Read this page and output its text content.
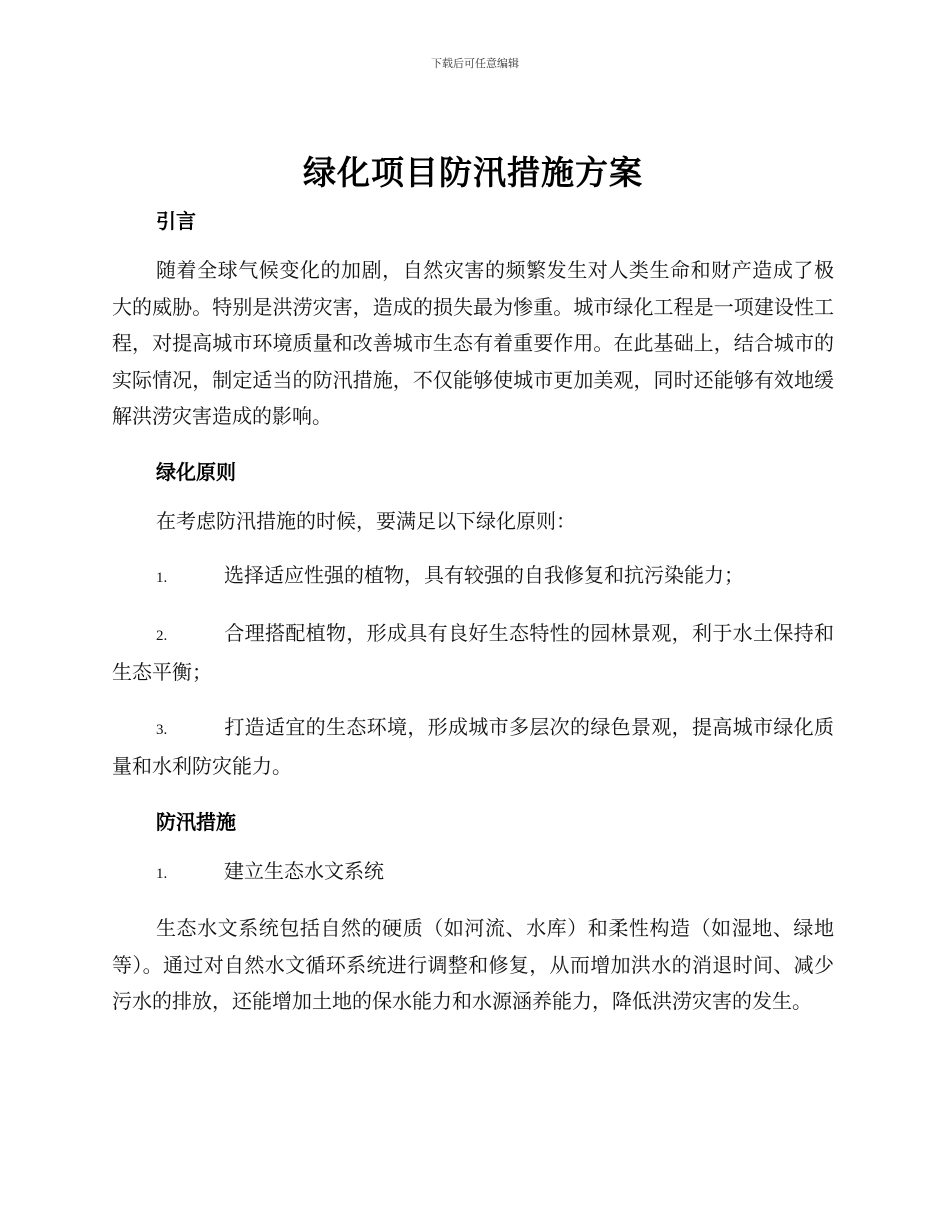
下载后可任意编辑
绿化项目防汛措施方案
引言

随着全球气候变化的加剧，自然灾害的频繁发生对人类生命和财产造成了极大的威胁。特别是洪涝灾害，造成的损失最为惨重。城市绿化工程是一项建设性工程，对提高城市环境质量和改善城市生态有着重要作用。在此基础上，结合城市的实际情况，制定适当的防汛措施，不仅能够使城市更加美观，同时还能够有效地缓解洪涝灾害造成的影响。

绿化原则

在考虑防汛措施的时候，要满足以下绿化原则：

1.	选择适应性强的植物，具有较强的自我修复和抗污染能力；

2.	合理搭配植物，形成具有良好生态特性的园林景观，利于水土保持和生态平衡；

3.	打造适宜的生态环境，形成城市多层次的绿色景观，提高城市绿化质量和水利防灾能力。

防汛措施

1.	建立生态水文系统

生态水文系统包括自然的硬质（如河流、水库）和柔性构造（如湿地、绿地等）。通过对自然水文循环系统进行调整和修复，从而增加洪水的消退时间、减少污水的排放，还能增加土地的保水能力和水源涵养能力，降低洪涝灾害的发生。
